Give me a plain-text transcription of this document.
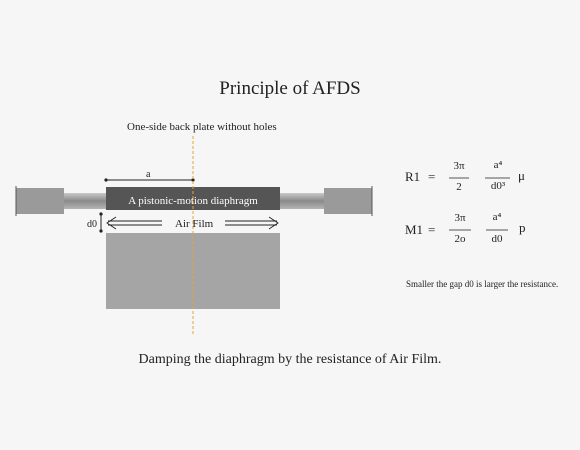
Principle of AFDS
One-side back plate without holes
a
A pistonic-motion diaphragm
d0	Air Film
R1 =
3π
2
a⁴
d0³
μ
M1 =
3π
2o
a⁴
d0
p
Smaller the gap d0 is larger the resistance.
Damping the diaphragm by the resistance of Air Film.
